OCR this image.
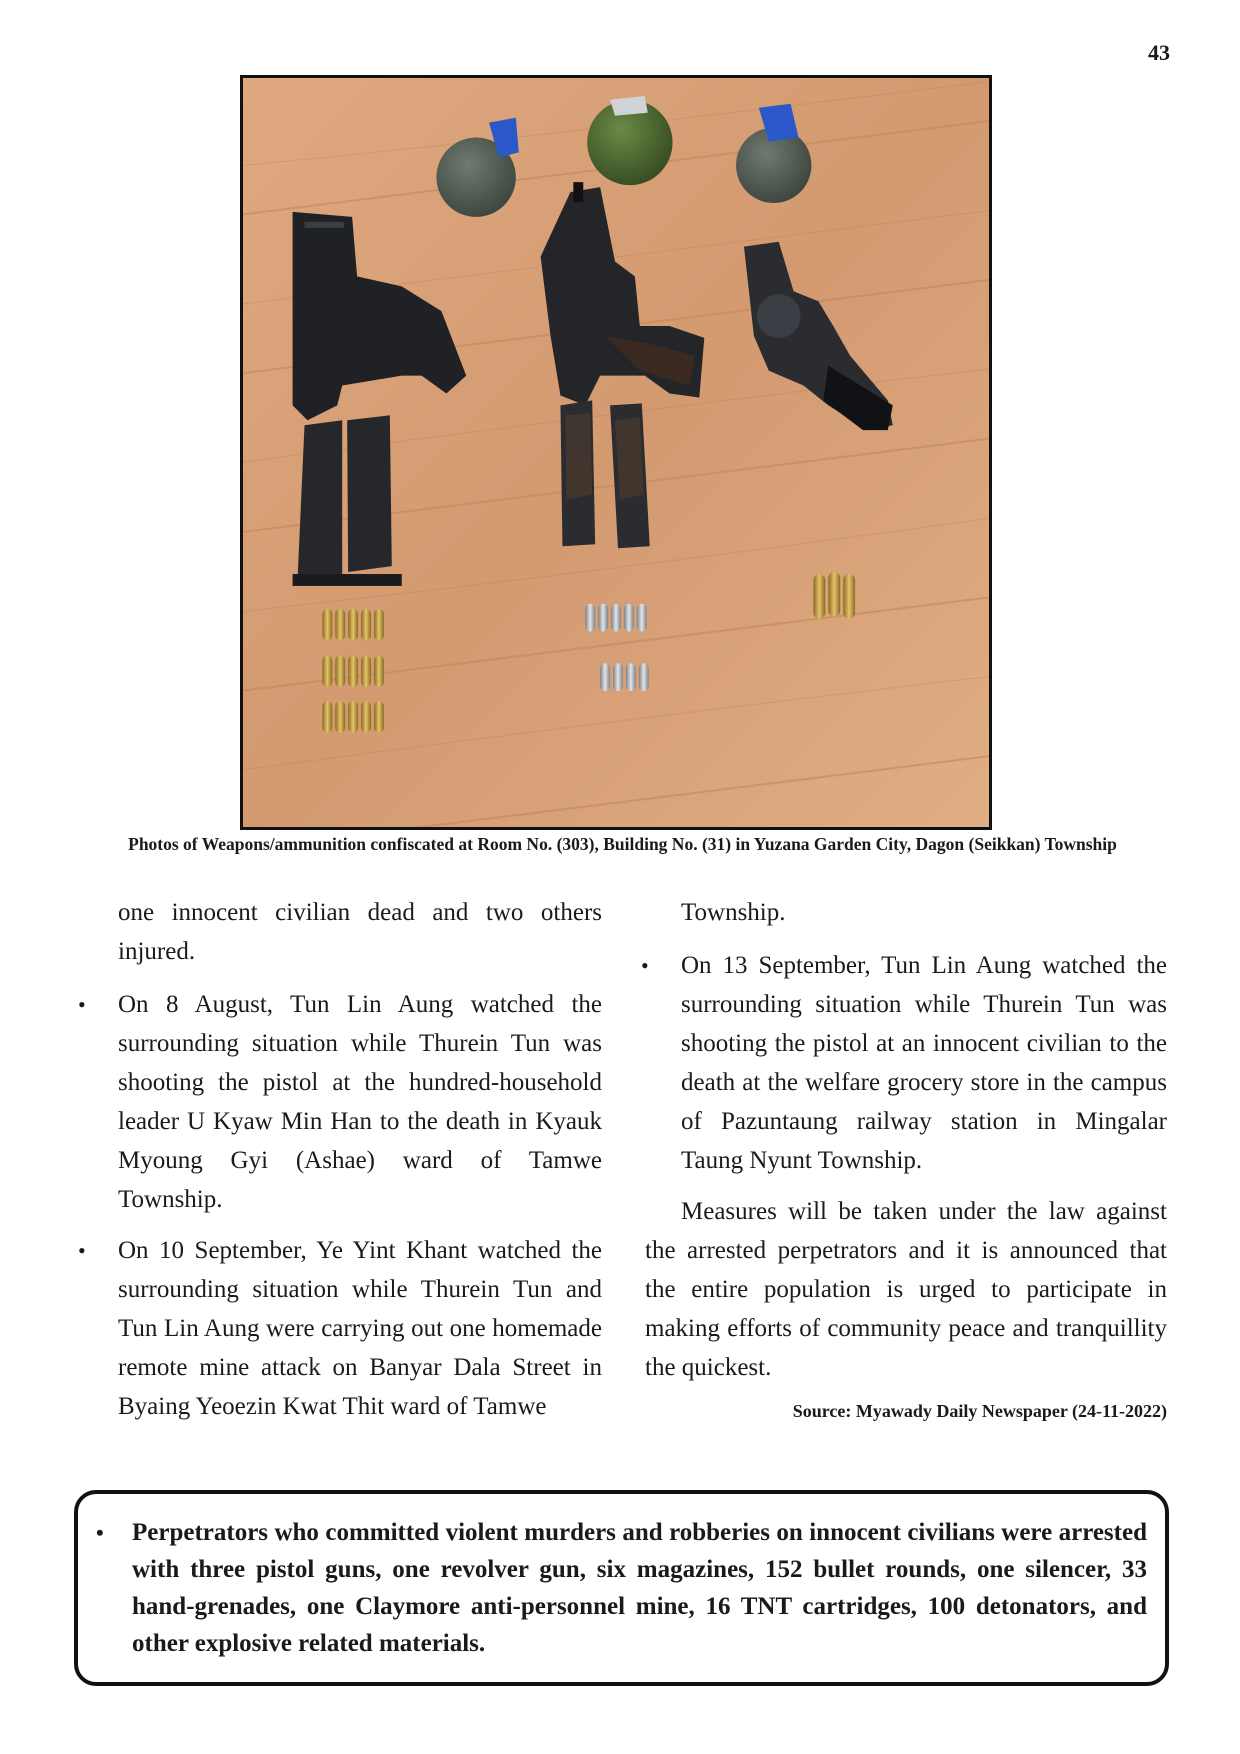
43
Photos of Weapons/ammunition confiscated at Room No. (303), Building No. (31) in Yuzana Garden City, Dagon (Seikkan) Township

one innocent civilian dead and two others injured.

• On 8 August, Tun Lin Aung watched the surrounding situation while Thurein Tun was shooting the pistol at the hundred-household leader U Kyaw Min Han to the death in Kyauk Myoung Gyi (Ashae) ward of Tamwe Township.
• On 10 September, Ye Yint Khant watched the surrounding situation while Thurein Tun and Tun Lin Aung were carrying out one homemade remote mine attack on Banyar Dala Street in Byaing Yeoezin Kwat Thit ward of Tamwe

Township.

• On 13 September, Tun Lin Aung watched the surrounding situation while Thurein Tun was shooting the pistol at an innocent civilian to the death at the welfare grocery store in the campus of Pazuntaung railway station in Mingalar Taung Nyunt Township.

Measures will be taken under the law against the arrested perpetrators and it is announced that the entire population is urged to participate in making efforts of community peace and tranquillity the quickest.

Source: Myawady Daily Newspaper (24-11-2022)
• Perpetrators who committed violent murders and robberies on innocent civilians were arrested with three pistol guns, one revolver gun, six magazines, 152 bullet rounds, one silencer, 33 hand-grenades, one Claymore anti-personnel mine, 16 TNT cartridges, 100 detonators, and other explosive related materials.
